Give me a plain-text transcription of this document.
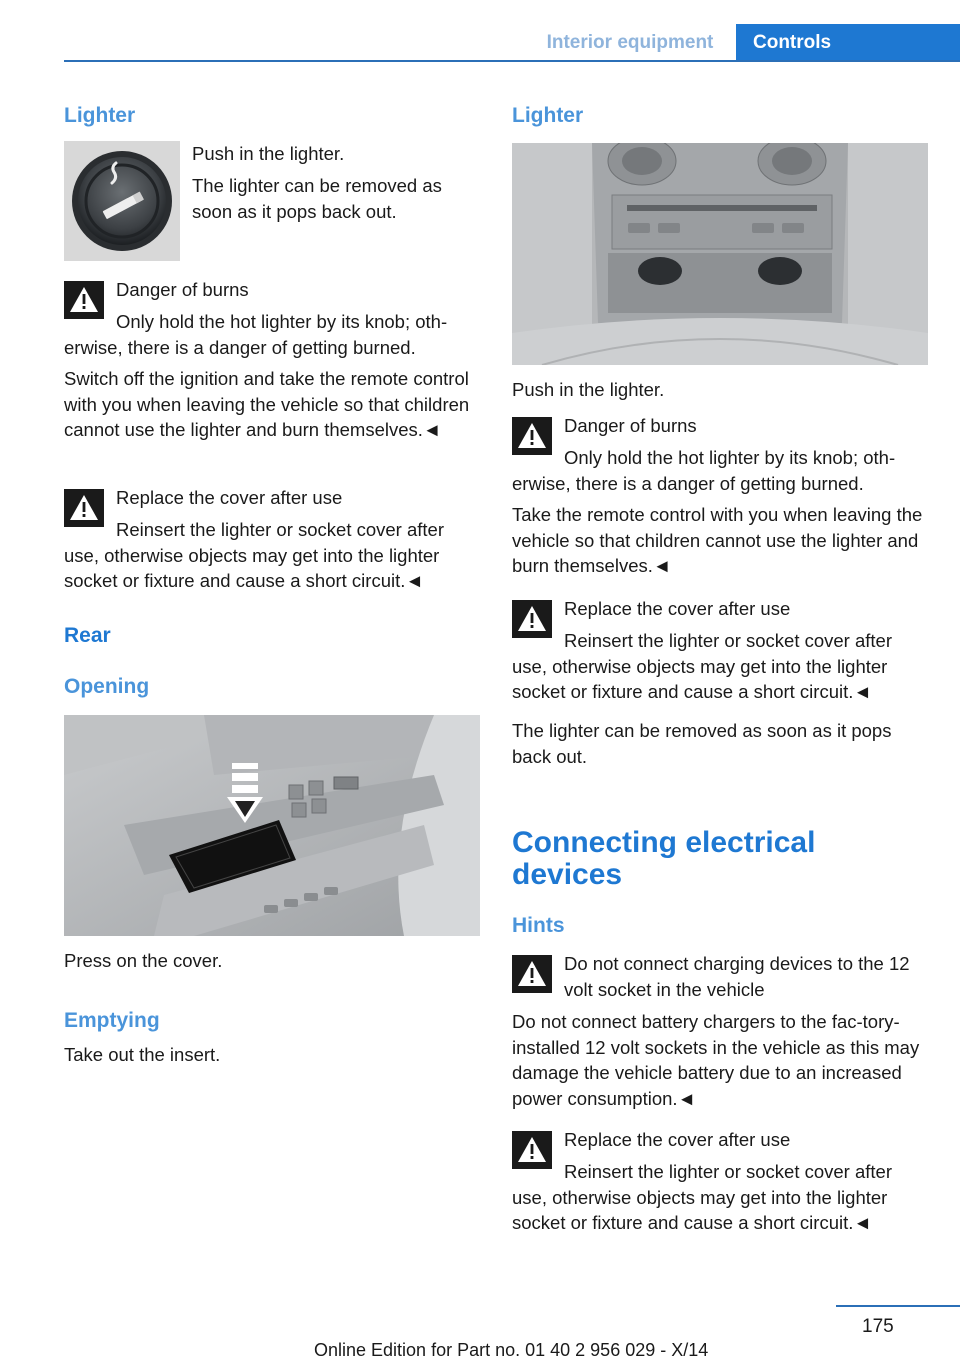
Interior equipment	Controls
Lighter
Push in the lighter.
The lighter can be removed as soon as it pops back out.
Danger of burns
Only hold the hot lighter by its knob; oth-erwise, there is a danger of getting burned.
Switch off the ignition and take the remote control with you when leaving the vehicle so that children cannot use the lighter and burn themselves.◄
Replace the cover after use
Reinsert the lighter or socket cover after use, otherwise objects may get into the lighter socket or fixture and cause a short circuit.◄
Rear
Opening
Press on the cover.
Emptying
Take out the insert.
Lighter
Push in the lighter.
Danger of burns
Only hold the hot lighter by its knob; oth-erwise, there is a danger of getting burned.
Take the remote control with you when leaving the vehicle so that children cannot use the lighter and burn themselves.◄
Replace the cover after use
Reinsert the lighter or socket cover after use, otherwise objects may get into the lighter socket or fixture and cause a short circuit.◄
The lighter can be removed as soon as it pops back out.
Connecting electrical devices
Hints
Do not connect charging devices to the 12 volt socket in the vehicle
Do not connect battery chargers to the fac-tory-installed 12 volt sockets in the vehicle as this may damage the vehicle battery due to an increased power consumption.◄
Replace the cover after use
Reinsert the lighter or socket cover after use, otherwise objects may get into the lighter socket or fixture and cause a short circuit.◄
175
Online Edition for Part no. 01 40 2 956 029 - X/14
